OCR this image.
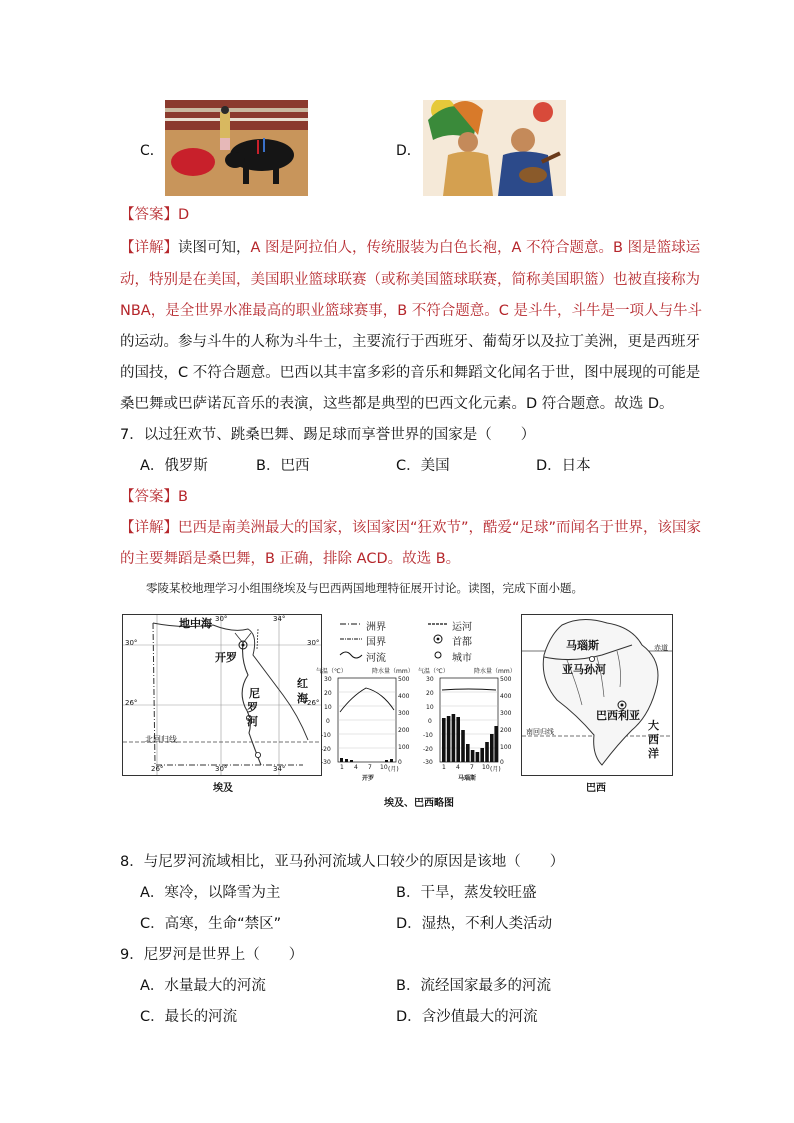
C．	D．
【答案】D
【详解】读图可知，A 图是阿拉伯人，传统服装为白色长袍，A 不符合题意。B 图是篮球运
动，特别是在美国，美国职业篮球联赛（或称美国篮球联赛，简称美国职篮）也被直接称为
NBA，是全世界水准最高的职业篮球赛事，B 不符合题意。C 是斗牛，斗牛是一项人与牛斗
的运动。参与斗牛的人称为斗牛士，主要流行于西班牙、葡萄牙以及拉丁美洲，更是西班牙
的国技，C 不符合题意。巴西以其丰富多彩的音乐和舞蹈文化闻名于世，图中展现的可能是
桑巴舞或巴萨诺瓦音乐的表演，这些都是典型的巴西文化元素。D 符合题意。故选 D。
7．以过狂欢节、跳桑巴舞、踢足球而享誉世界的国家是（　　）
A．俄罗斯	B．巴西	C．美国	D．日本
【答案】B
【详解】巴西是南美洲最大的国家，该国家因“狂欢节”，酷爱“足球”而闻名于世界，该国家
的主要舞蹈是桑巴舞，B 正确，排除 ACD。故选 B。
零陵某校地理学习小组围绕埃及与巴西两国地理特征展开讨论。读图，完成下面小题。
地中海
开罗
红
海
尼
罗
河
北回归线
30°
26°
30°
26°
26°	30°	34°
30°	34°
埃及
洲界	运河
国界	首都
河流	城市
气温（℃）	降水量（mm）
30
20
10
0
-10
-20
-30
500
400
300
200
100
0
1 4 7 10 (月)
开罗
气温（℃）	降水量（mm）
30
20
10
0
-10
-20
-30
500
400
300
200
100
0
1 4 7 10 (月)
马瑙斯
马瑙斯
亚马孙河
赤道
巴西利亚
南回归线	大
西
洋
巴西
埃及、巴西略图
8．与尼罗河流域相比，亚马孙河流域人口较少的原因是该地（　　）
A．寒冷，以降雪为主	B．干旱，蒸发较旺盛
C．高寒，生命“禁区”	D．湿热，不利人类活动
9．尼罗河是世界上（　　）
A．水量最大的河流	B．流经国家最多的河流
C．最长的河流	D．含沙值最大的河流
